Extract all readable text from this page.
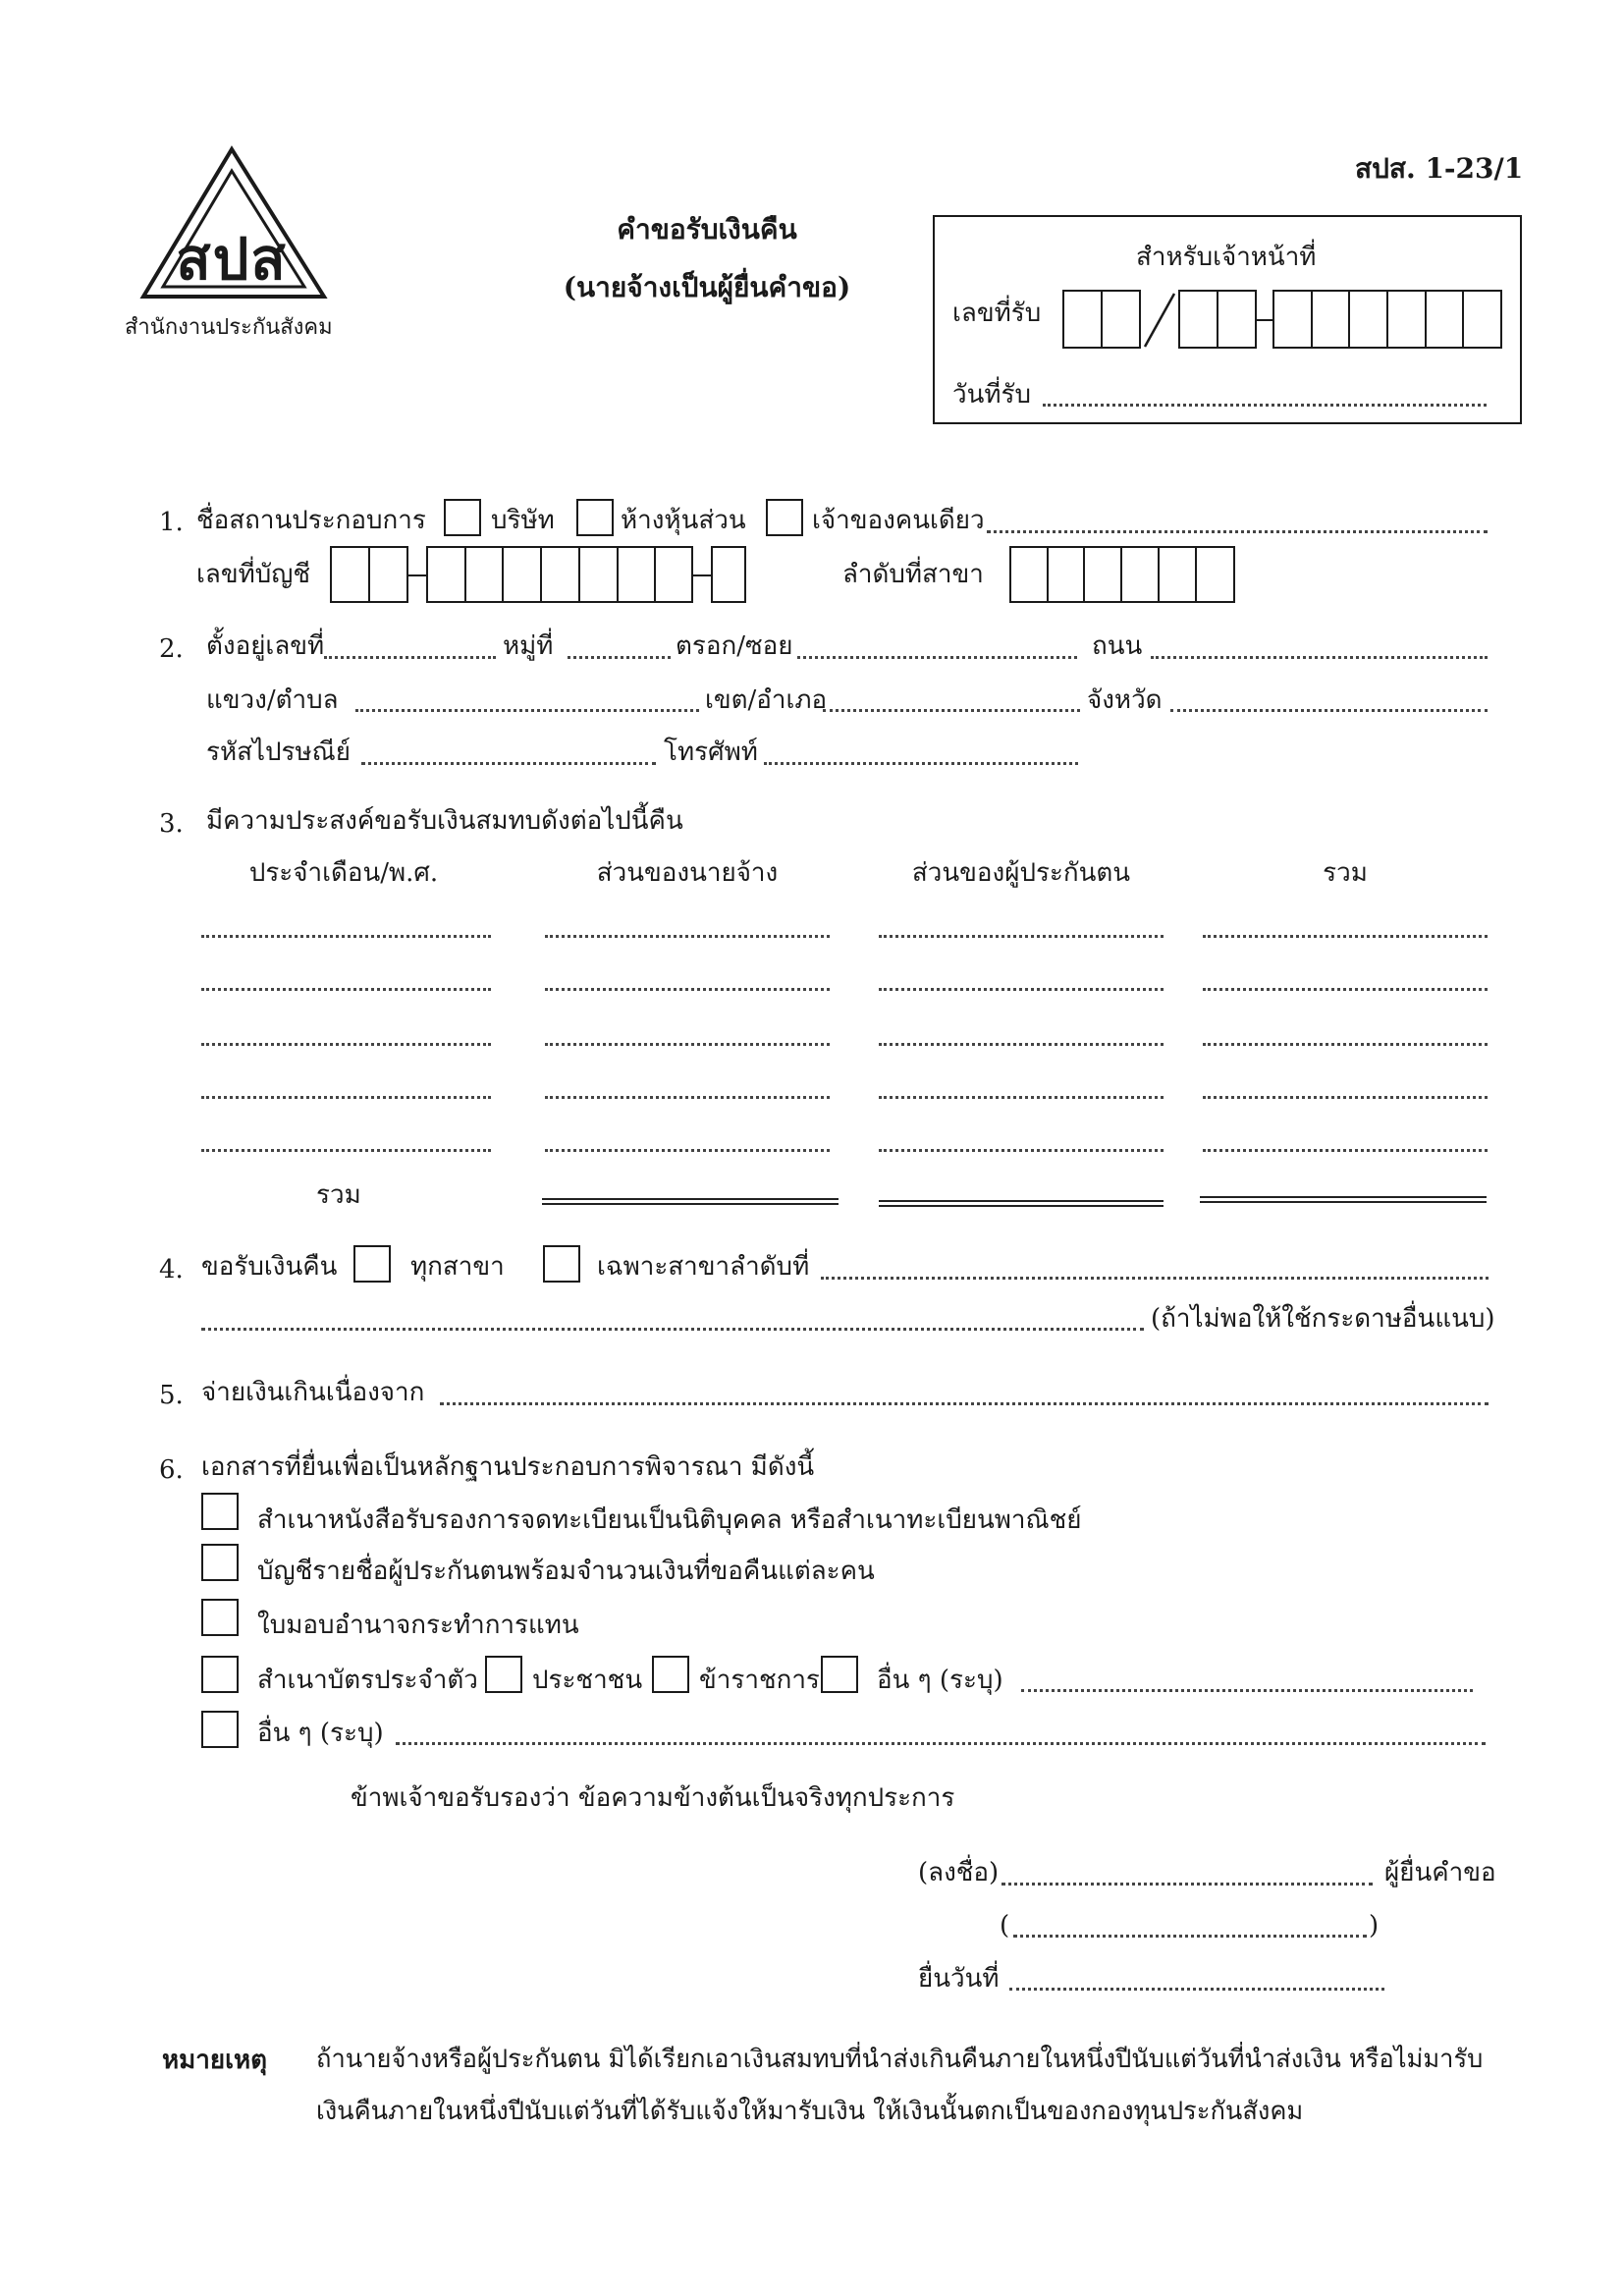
สปส
สำนักงานประกันสังคม
สปส. 1-23/1
คำขอรับเงินคืน
(นายจ้างเป็นผู้ยื่นคำขอ)
สำหรับเจ้าหน้าที่
เลขที่รับ
วันที่รับ
1. ชื่อสถานประกอบการ	บริษัท	ห้างหุ้นส่วน	เจ้าของคนเดียว
เลขที่บัญชี	ลำดับที่สาขา
2. ตั้งอยู่เลขที่	หมู่ที่	ตรอก/ซอย	ถนน
แขวง/ตำบล	เขต/อำเภอ	จังหวัด
รหัสไปรษณีย์	โทรศัพท์
3. มีความประสงค์ขอรับเงินสมทบดังต่อไปนี้คืน
ประจำเดือน/พ.ศ.	ส่วนของนายจ้าง	ส่วนของผู้ประกันตน	รวม
รวม
4. ขอรับเงินคืน	ทุกสาขา	เฉพาะสาขาลำดับที่
(ถ้าไม่พอให้ใช้กระดาษอื่นแนบ)
5. จ่ายเงินเกินเนื่องจาก
6. เอกสารที่ยื่นเพื่อเป็นหลักฐานประกอบการพิจารณา มีดังนี้
สำเนาหนังสือรับรองการจดทะเบียนเป็นนิติบุคคล หรือสำเนาทะเบียนพาณิชย์
บัญชีรายชื่อผู้ประกันตนพร้อมจำนวนเงินที่ขอคืนแต่ละคน
ใบมอบอำนาจกระทำการแทน
สำเนาบัตรประจำตัว ประชาชน ข้าราชการ อื่น ๆ (ระบุ)
อื่น ๆ (ระบุ)
ข้าพเจ้าขอรับรองว่า ข้อความข้างต้นเป็นจริงทุกประการ
(ลงชื่อ)	ผู้ยื่นคำขอ
(	)
ยื่นวันที่
หมายเหตุ ถ้านายจ้างหรือผู้ประกันตน มิได้เรียกเอาเงินสมทบที่นำส่งเกินคืนภายในหนึ่งปีนับแต่วันที่นำส่งเงิน หรือไม่มารับ
เงินคืนภายในหนึ่งปีนับแต่วันที่ได้รับแจ้งให้มารับเงิน ให้เงินนั้นตกเป็นของกองทุนประกันสังคม
